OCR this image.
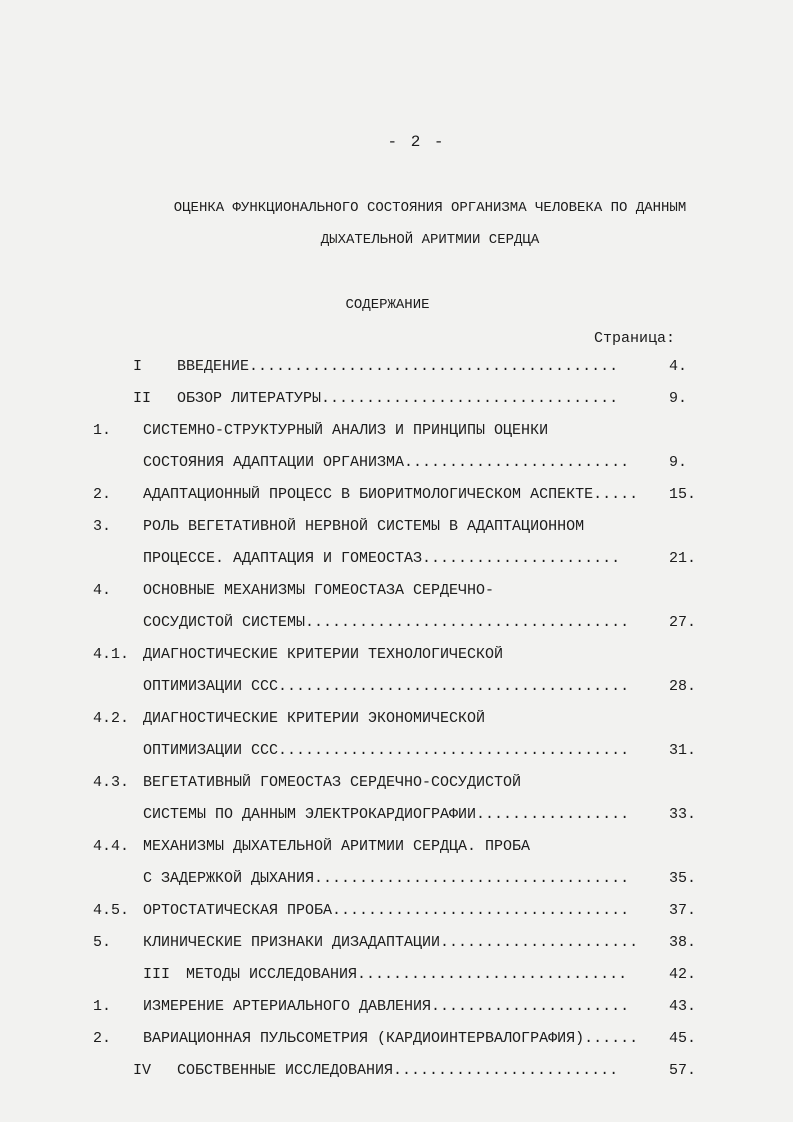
- 2 -
ОЦЕНКА ФУНКЦИОНАЛЬНОГО СОСТОЯНИЯ ОРГАНИЗМА ЧЕЛОВЕКА ПО ДАННЫМ
ДЫХАТЕЛЬНОЙ АРИТМИИ СЕРДЦА
СОДЕРЖАНИЕ
Страница:
I ВВЕДЕНИЕ.........................................	4.
II ОБЗОР ЛИТЕРАТУРЫ.................................	9.
1. СИСТЕМНО-СТРУКТУРНЫЙ АНАЛИЗ И ПРИНЦИПЫ ОЦЕНКИ
СОСТОЯНИЯ АДАПТАЦИИ ОРГАНИЗМА.........................	9.
2. АДАПТАЦИОННЫЙ ПРОЦЕСС В БИОРИТМОЛОГИЧЕСКОМ АСПЕКТЕ.....	15.
3. РОЛЬ ВЕГЕТАТИВНОЙ НЕРВНОЙ СИСТЕМЫ В АДАПТАЦИОННОМ
ПРОЦЕССЕ. АДАПТАЦИЯ И ГОМЕОСТАЗ......................	21.
4. ОСНОВНЫЕ МЕХАНИЗМЫ ГОМЕОСТАЗА СЕРДЕЧНО-
СОСУДИСТОЙ СИСТЕМЫ....................................	27.
4.1. ДИАГНОСТИЧЕСКИЕ КРИТЕРИИ ТЕХНОЛОГИЧЕСКОЙ
ОПТИМИЗАЦИИ ССС.......................................	28.
4.2. ДИАГНОСТИЧЕСКИЕ КРИТЕРИИ ЭКОНОМИЧЕСКОЙ
ОПТИМИЗАЦИИ ССС.......................................	31.
4.3. ВЕГЕТАТИВНЫЙ ГОМЕОСТАЗ СЕРДЕЧНО-СОСУДИСТОЙ
СИСТЕМЫ ПО ДАННЫМ ЭЛЕКТРОКАРДИОГРАФИИ.................	33.
4.4. МЕХАНИЗМЫ ДЫХАТЕЛЬНОЙ АРИТМИИ СЕРДЦА. ПРОБА
С ЗАДЕРЖКОЙ ДЫХАНИЯ...................................	35.
4.5. ОРТОСТАТИЧЕСКАЯ ПРОБА.................................	37.
5. КЛИНИЧЕСКИЕ ПРИЗНАКИ ДИЗАДАПТАЦИИ......................	38.
III МЕТОДЫ ИССЛЕДОВАНИЯ..............................	42.
1. ИЗМЕРЕНИЕ АРТЕРИАЛЬНОГО ДАВЛЕНИЯ......................	43.
2. ВАРИАЦИОННАЯ ПУЛЬСОМЕТРИЯ (КАРДИОИНТЕРВАЛОГРАФИЯ)......	45.
IV СОБСТВЕННЫЕ ИССЛЕДОВАНИЯ.........................	57.
